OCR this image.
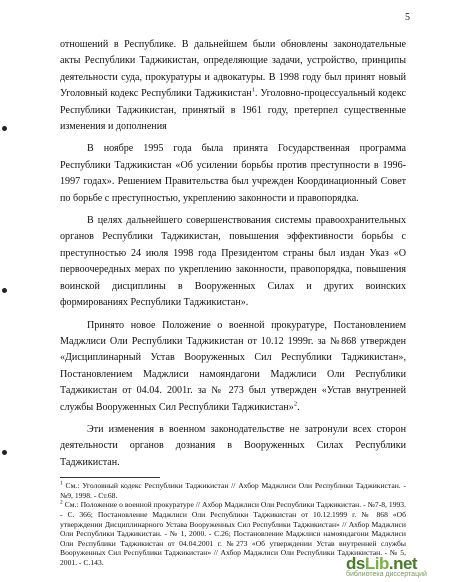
5

отношений в Республике. В дальнейшем были обновлены законодательные акты Республики Таджикистан, определяющие задачи, устройство, принципы деятельности суда, прокуратуры и адвокатуры. В 1998 году был принят новый Уголовный кодекс Республики Таджикистан$^1$. Уголовно-процессуальный кодекс Республики Таджикистан, принятый в 1961 году, претерпел существенные изменения и дополнения

В ноябре 1995 года была принята Государственная программа Республики Таджикистан «Об усилении борьбы против преступности в 1996-1997 годах». Решением Правительства был учрежден Координационный Совет по борьбе с преступностью, укреплению законности и правопорядка.

В целях дальнейшего совершенствования системы правоохранительных органов Республики Таджикистан, повышения эффективности борьбы с преступностью 24 июля 1998 года Президентом страны был издан Указ «О первоочередных мерах по укреплению законности, правопорядка, повышения воинской дисциплины в Вооруженных Силах и других воинских формированиях Республики Таджикистан».

Принято новое Положение о военной прокуратуре, Постановлением Маджлиси Оли Республики Таджикистан от 10.12 1999г. за №868 утвержден «Дисциплинарный Устав Вооруженных Сил Республики Таджикистан», Постановлением Маджлиси намояндагони Маджлиси Оли Республики Таджикистан от 04.04. 2001г. за № 273 был утвержден «Устав внутренней службы Вооруженных Сил Республики Таджикистан»$^2$.

Эти изменения в военном законодательстве не затронули всех сторон деятельности органов дознания в Вооруженных Силах Республики Таджикистан.

$^1$ См.: Уголовный кодекс Республики Таджикистан // Ахбор Маджлиси Оли Республики Таджикистан. - №9, 1998. - Ст.68.

$^2$ См.: Положение о военной прокуратуре // Ахбор Маджлиси Оли Республики Таджикистан. - №7-8, 1993. - С. 366; Постановление Маджлиси Оли Республики Таджикистан от 10.12.1999 г. № 868 «Об утверждении Дисциплинарного Устава Вооруженных Сил Республики Таджикистан» // Ахбор Маджлиси Оли Республики Таджикистан. - № 1, 2000. - С.26; Постановление Маджлиси намояндагони Маджлиси Оли Республики Таджикистан от 04.04.2001 г. №273 «Об утверждении Устав внутренней службы Вооруженных Сил Республики Таджикистан» // Ахбор Маджлиси Оли Республики Таджикистан. - № 5, 2001. - С.143.	dsLib.net
библиотека диссертаций
